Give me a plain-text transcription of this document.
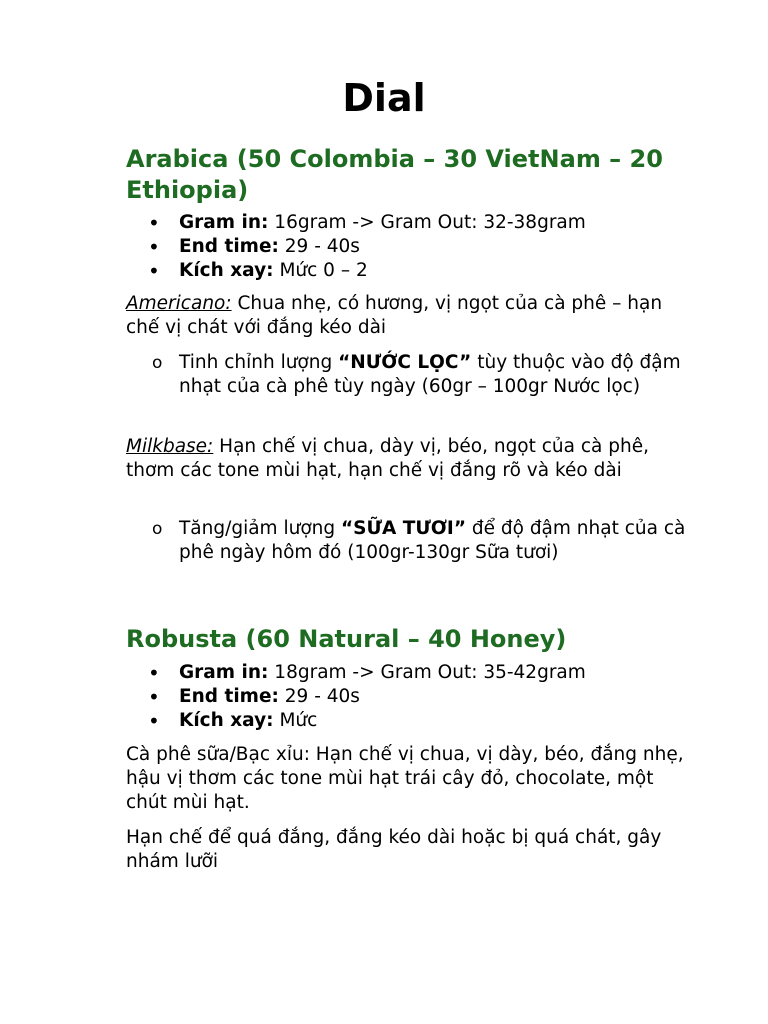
Dial
Arabica (50 Colombia – 30 VietNam – 20 Ethiopia)
• Gram in: 16gram -> Gram Out: 32-38gram
• End time: 29 - 40s
• Kích xay: Mức 0 – 2

Americano: Chua nhẹ, có hương, vị ngọt của cà phê – hạn chế vị chát với đắng kéo dài

o Tinh chỉnh lượng “NƯỚC LỌC” tùy thuộc vào độ đậm nhạt của cà phê tùy ngày (60gr – 100gr Nước lọc)

Milkbase: Hạn chế vị chua, dày vị, béo, ngọt của cà phê, thơm các tone mùi hạt, hạn chế vị đắng rõ và kéo dài

o Tăng/giảm lượng “SỮA TƯƠI” để độ đậm nhạt của cà phê ngày hôm đó (100gr-130gr Sữa tươi)
Robusta (60 Natural – 40 Honey)
• Gram in: 18gram -> Gram Out: 35-42gram
• End time: 29 - 40s
• Kích xay: Mức

Cà phê sữa/Bạc xỉu: Hạn chế vị chua, vị dày, béo, đắng nhẹ, hậu vị thơm các tone mùi hạt trái cây đỏ, chocolate, một chút mùi hạt.

Hạn chế để quá đắng, đắng kéo dài hoặc bị quá chát, gây nhám lưỡi
